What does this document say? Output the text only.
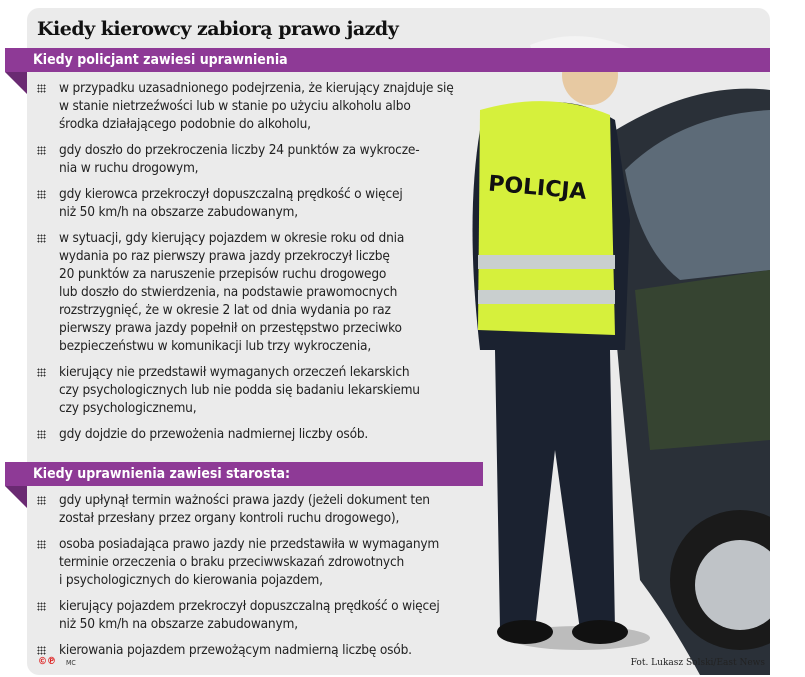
POLICJA
Kiedy kierowcy zabiorą prawo jazdy
Kiedy policjant zawiesi uprawnienia
w przypadku uzasadnionego podejrzenia, że kierujący znajduje się
w stanie nietrzeźwości lub w stanie po użyciu alkoholu albo
środka działającego podobnie do alkoholu,
gdy doszło do przekroczenia liczby 24 punktów za wykrocze-
nia w ruchu drogowym,
gdy kierowca przekroczył dopuszczalną prędkość o więcej
niż 50 km/h na obszarze zabudowanym,
w sytuacji, gdy kierujący pojazdem w okresie roku od dnia
wydania po raz pierwszy prawa jazdy przekroczył liczbę
20 punktów za naruszenie przepisów ruchu drogowego
lub doszło do stwierdzenia, na podstawie prawomocnych
rozstrzygnięć, że w okresie 2 lat od dnia wydania po raz
pierwszy prawa jazdy popełnił on przestępstwo przeciwko
bezpieczeństwu w komunikacji lub trzy wykroczenia,
kierujący nie przedstawił wymaganych orzeczeń lekarskich
czy psychologicznych lub nie podda się badaniu lekarskiemu
czy psychologicznemu,
gdy dojdzie do przewożenia nadmiernej liczby osób.
Kiedy uprawnienia zawiesi starosta:
gdy upłynął termin ważności prawa jazdy (jeżeli dokument ten
został przesłany przez organy kontroli ruchu drogowego),
osoba posiadająca prawo jazdy nie przedstawiła w wymaganym
terminie orzeczenia o braku przeciwwskazań zdrowotnych
i psychologicznych do kierowania pojazdem,
kierujący pojazdem przekroczył dopuszczalną prędkość o więcej
niż 50 km/h na obszarze zabudowanym,
kierowania pojazdem przewożącym nadmierną liczbę osób.
©℗ MC	Fot. Lukasz Solski/East News
